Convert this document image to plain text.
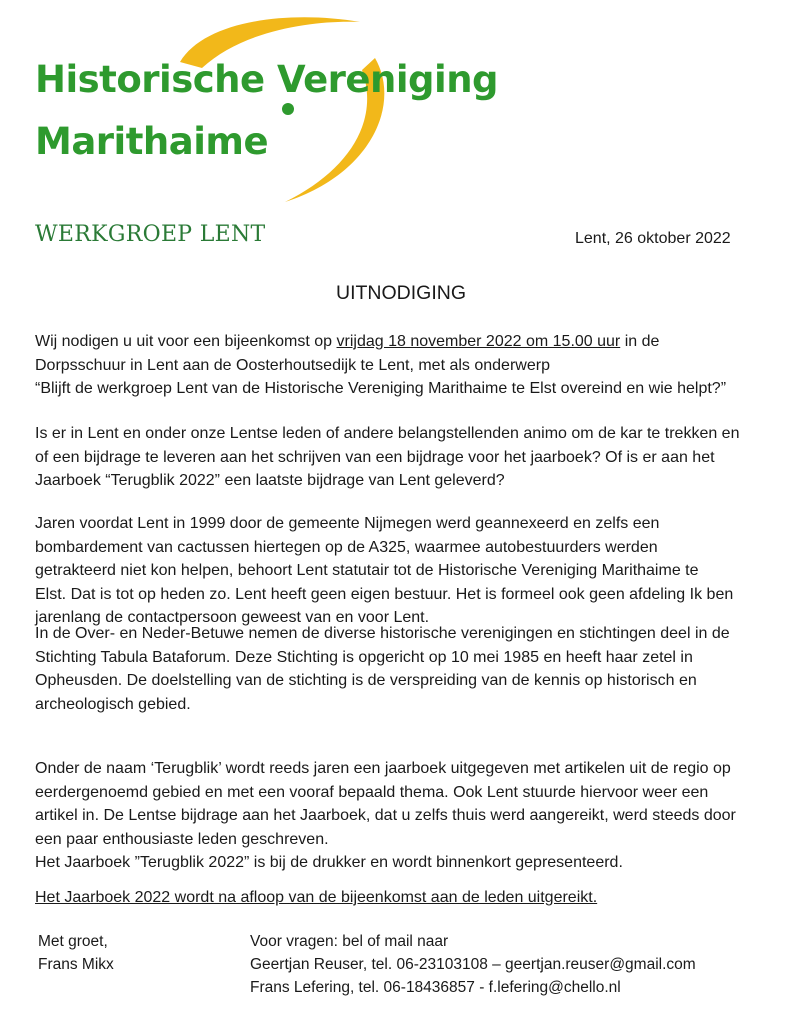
Historische Vereniging
Marithaime
WERKGROEP LENT	Lent, 26 oktober 2022
UITNODIGING
Wij nodigen u uit voor een bijeenkomst op vrijdag 18 november 2022 om 15.00 uur in de
Dorpsschuur in Lent aan de Oosterhoutsedijk te Lent, met als onderwerp
“Blijft de werkgroep Lent van de Historische Vereniging Marithaime te Elst overeind en wie helpt?”
Is er in Lent en onder onze Lentse leden of andere belangstellenden animo om de kar te trekken en
of een bijdrage te leveren aan het schrijven van een bijdrage voor het jaarboek? Of is er aan het
Jaarboek “Terugblik 2022” een laatste bijdrage van Lent geleverd?
Jaren voordat Lent in 1999 door de gemeente Nijmegen werd geannexeerd en zelfs een
bombardement van cactussen hiertegen op de A325, waarmee autobestuurders werden
getrakteerd niet kon helpen, behoort Lent statutair tot de Historische Vereniging Marithaime te
Elst. Dat is tot op heden zo. Lent heeft geen eigen bestuur. Het is formeel ook geen afdeling Ik ben
jarenlang de contactpersoon geweest van en voor Lent.
In de Over- en Neder-Betuwe nemen de diverse historische verenigingen en stichtingen deel in de
Stichting Tabula Bataforum. Deze Stichting is opgericht op 10 mei 1985 en heeft haar zetel in
Opheusden. De doelstelling van de stichting is de verspreiding van de kennis op historisch en
archeologisch gebied.
Onder de naam ‘Terugblik’ wordt reeds jaren een jaarboek uitgegeven met artikelen uit de regio op
eerdergenoemd gebied en met een vooraf bepaald thema. Ook Lent stuurde hiervoor weer een
artikel in. De Lentse bijdrage aan het Jaarboek, dat u zelfs thuis werd aangereikt, werd steeds door
een paar enthousiaste leden geschreven.
Het Jaarboek ”Terugblik 2022” is bij de drukker en wordt binnenkort gepresenteerd.
Het Jaarboek 2022 wordt na afloop van de bijeenkomst aan de leden uitgereikt.
Met groet,
Frans Mikx
Voor vragen: bel of mail naar
Geertjan Reuser, tel. 06-23103108 – geertjan.reuser@gmail.com
Frans Lefering, tel. 06-18436857 - f.lefering@chello.nl
